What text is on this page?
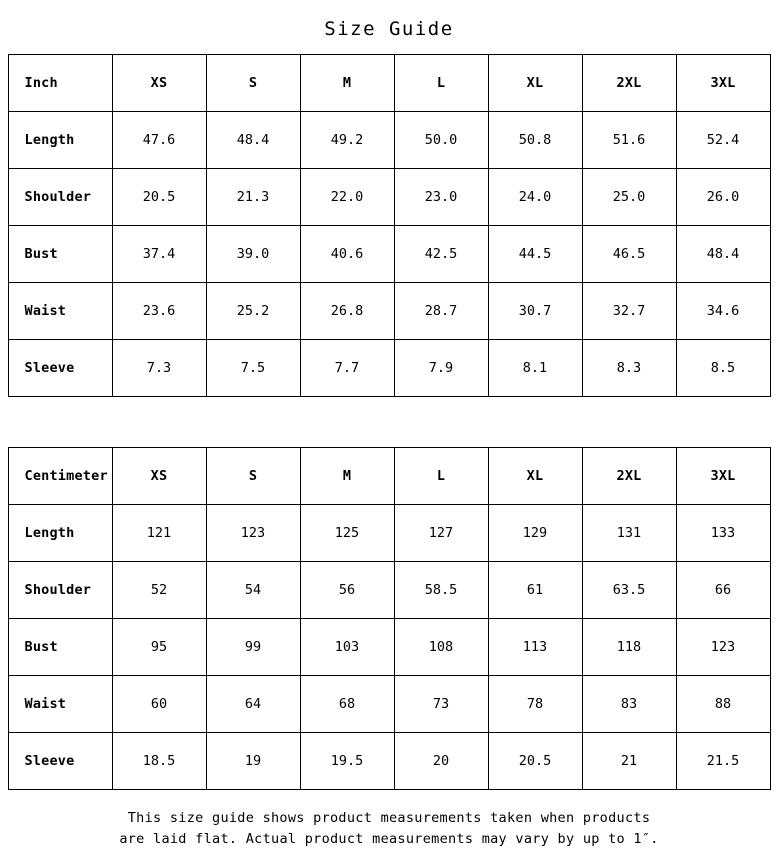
Size Guide
Inch	XS	S	M	L	XL	2XL	3XL
Length	47.6	48.4	49.2	50.0	50.8	51.6	52.4
Shoulder	20.5	21.3	22.0	23.0	24.0	25.0	26.0
Bust	37.4	39.0	40.6	42.5	44.5	46.5	48.4
Waist	23.6	25.2	26.8	28.7	30.7	32.7	34.6
Sleeve	7.3	7.5	7.7	7.9	8.1	8.3	8.5
Centimeter	XS	S	M	L	XL	2XL	3XL
Length	121	123	125	127	129	131	133
Shoulder	52	54	56	58.5	61	63.5	66
Bust	95	99	103	108	113	118	123
Waist	60	64	68	73	78	83	88
Sleeve	18.5	19	19.5	20	20.5	21	21.5
This size guide shows product measurements taken when products
are laid flat. Actual product measurements may vary by up to 1″.
